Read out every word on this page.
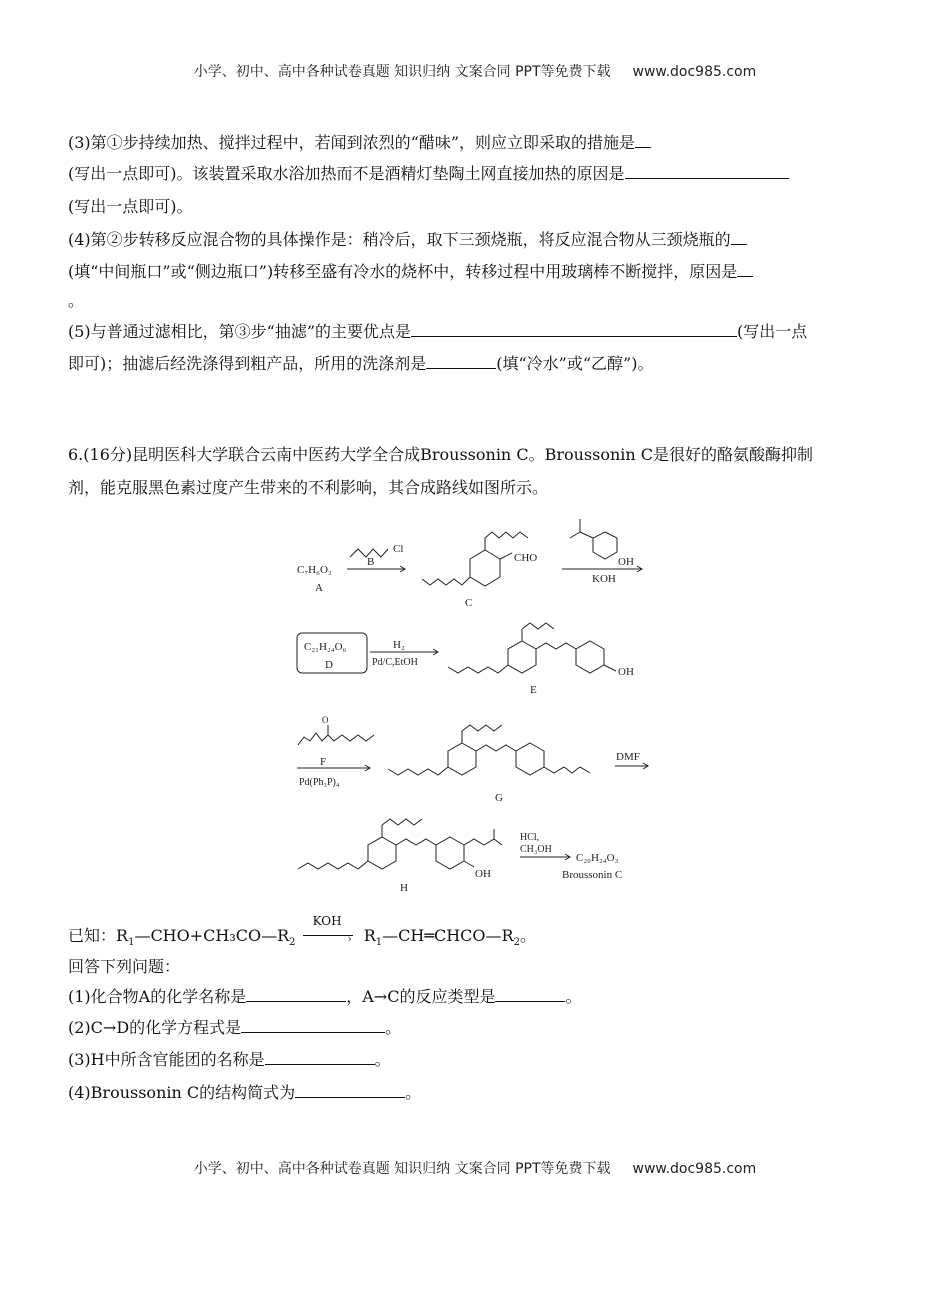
小学、初中、高中各种试卷真题 知识归纳 文案合同 PPT等免费下载 www.doc985.com
(3)第①步持续加热、搅拌过程中，若闻到浓烈的“醋味”，则应立即采取的措施是
(写出一点即可)。该装置采取水浴加热而不是酒精灯垫陶土网直接加热的原因是
(写出一点即可)。
(4)第②步转移反应混合物的具体操作是：稍冷后，取下三颈烧瓶，将反应混合物从三颈烧瓶的
(填“中间瓶口”或“侧边瓶口”)转移至盛有冷水的烧杯中，转移过程中用玻璃棒不断搅拌，原因是
。
(5)与普通过滤相比，第③步“抽滤”的主要优点是	(写出一点
即可)；抽滤后经洗涤得到粗产品，所用的洗涤剂是	(填“冷水”或“乙醇”)。
6.(16分)昆明医科大学联合云南中医药大学全合成Broussonin C。Broussonin C是很好的酪氨酸酶抑制
剂，能克服黑色素过度产生带来的不利影响，其合成路线如图所示。
C₇H₆O₃
A
Cl
B	CHO
C
OH
KOH
C₂₁H₂₄O₆
D
H₂
Pd/C,EtOH
OH
E
O
F
Pd(Ph₃P)₄
G
DMF
OH
H
HCl,
CH₃OH
C₂₀H₂₄O₃
Broussonin C
已知：$R_1—CHO+CH_3CO—R_2$
KOH
› $R_1—CH═CHCO—R_2$。
回答下列问题：
(1)化合物A的化学名称是	，A→C的反应类型是	。
(2)C→D的化学方程式是	。
(3)H中所含官能团的名称是	。
(4)Broussonin C的结构简式为	。
小学、初中、高中各种试卷真题 知识归纳 文案合同 PPT等免费下载 www.doc985.com
